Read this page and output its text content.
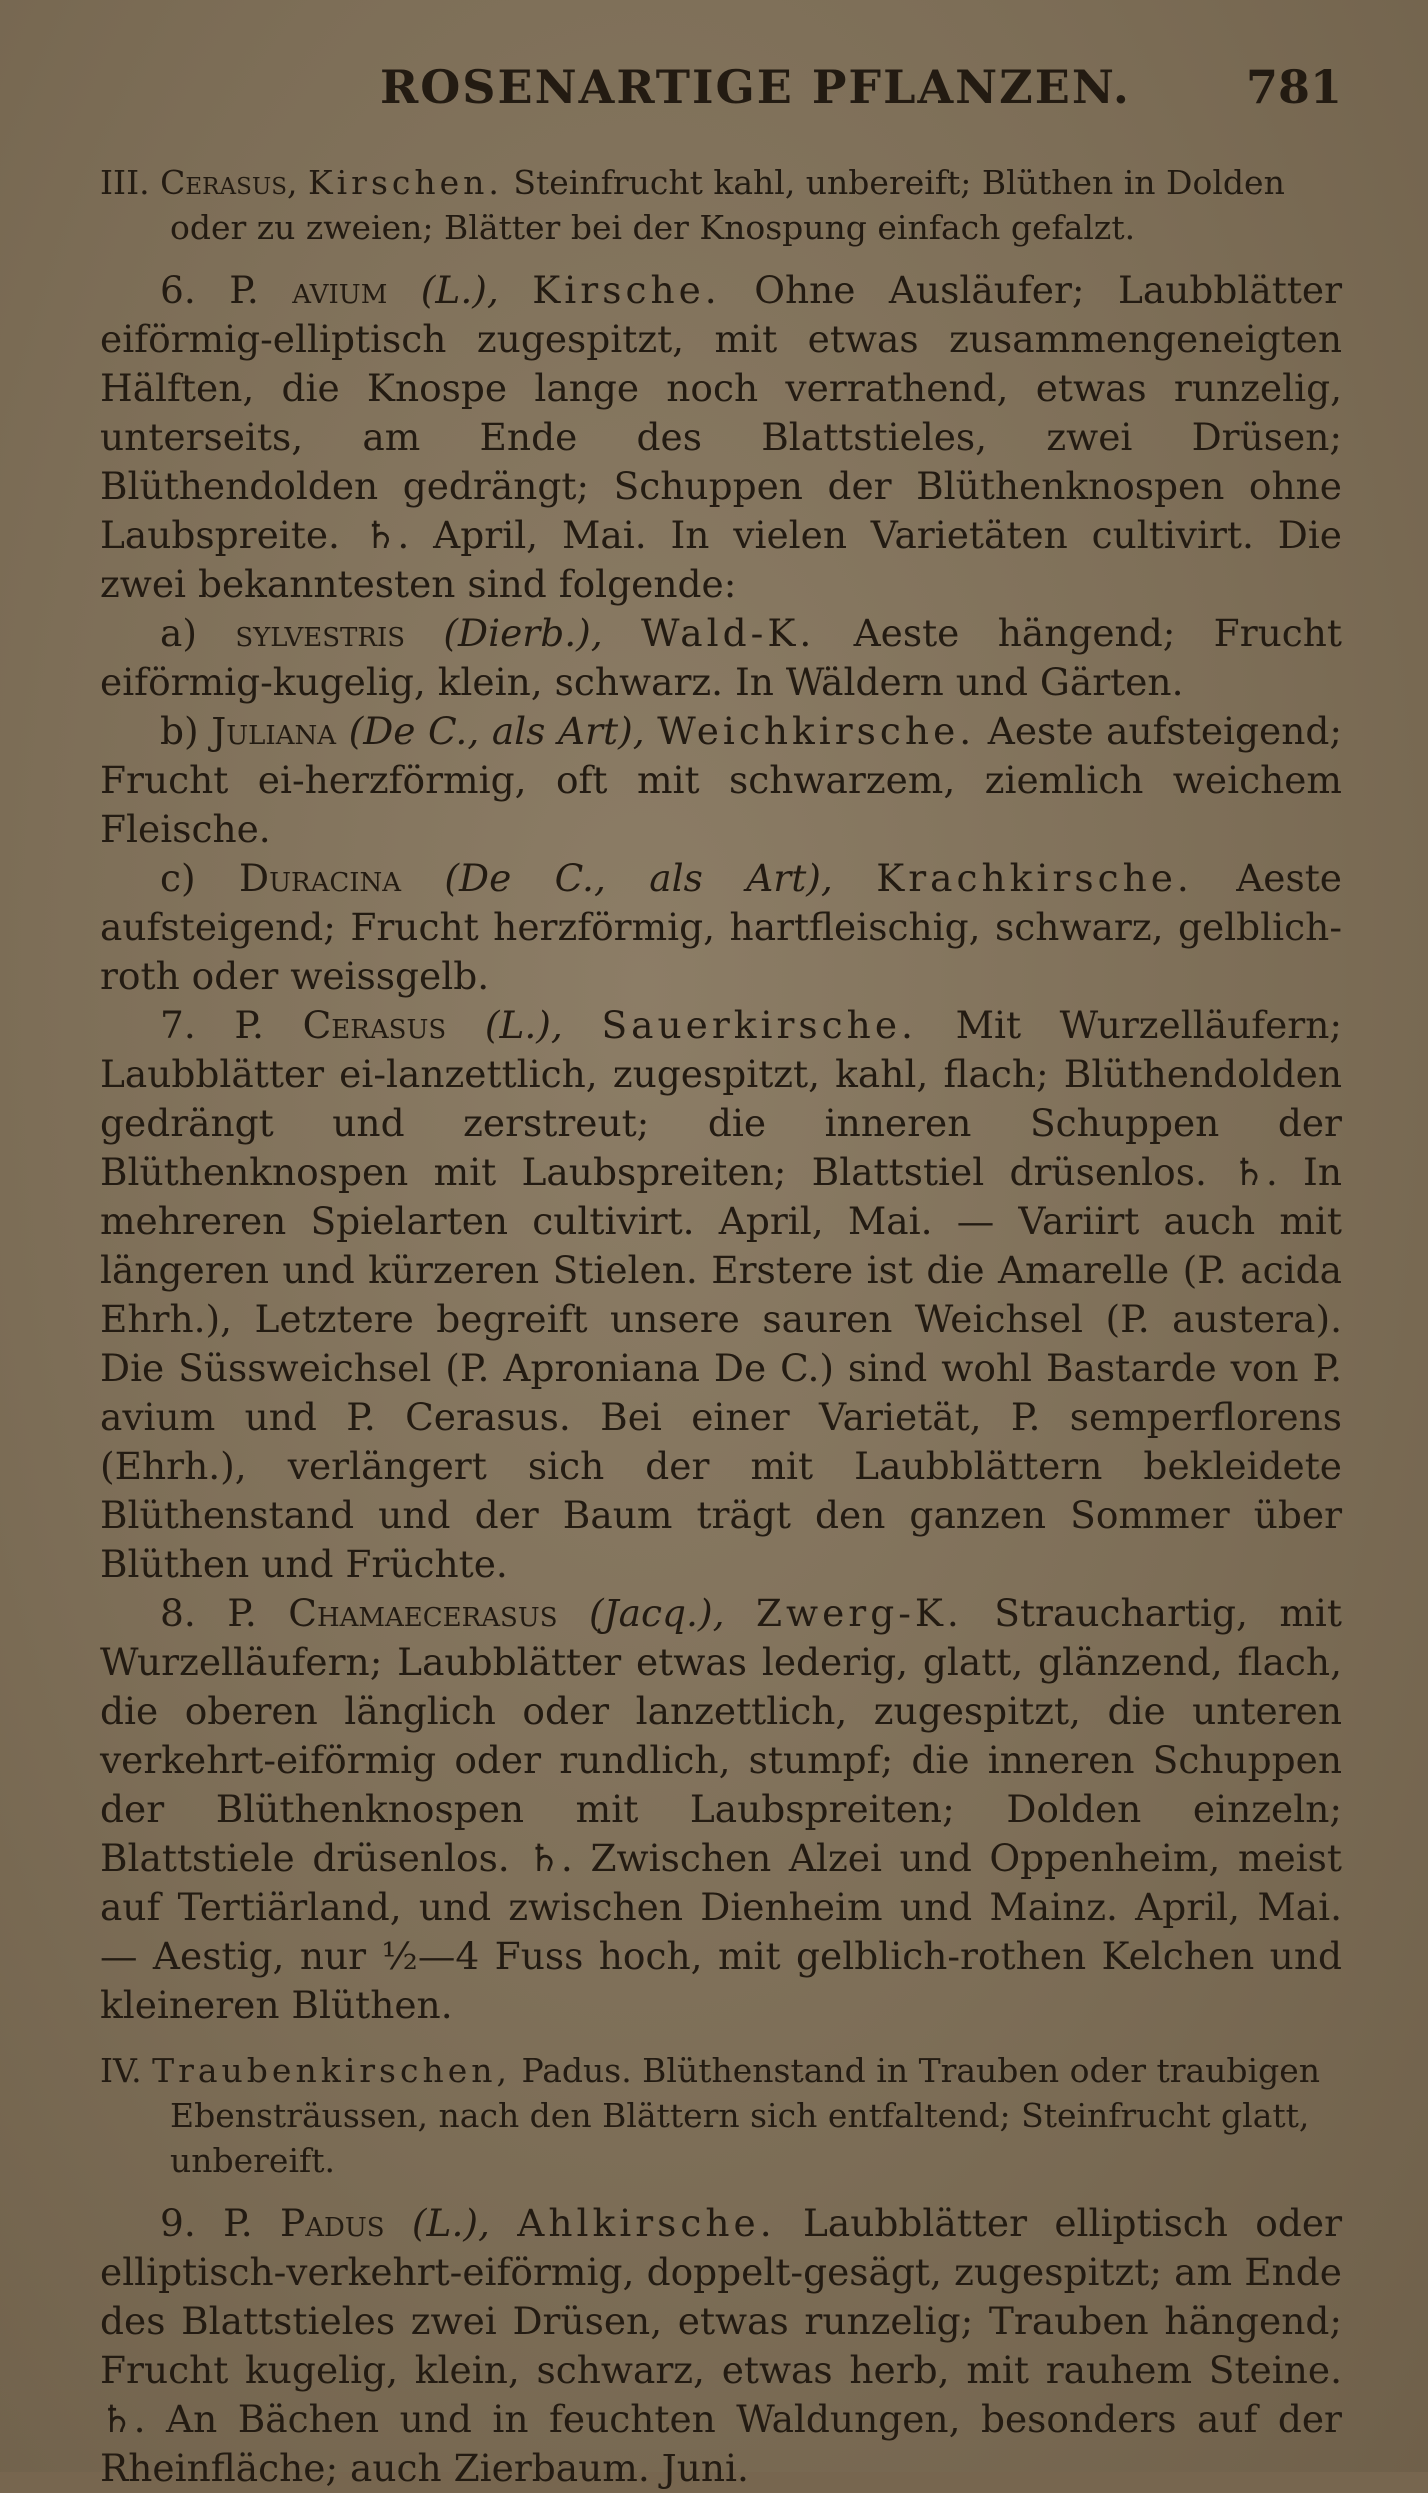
ROSENARTIGE PFLANZEN.	781

III. Cerasus, Kirschen. Steinfrucht kahl, unbereift; Blüthen in Dolden oder zu zweien; Blätter bei der Knospung einfach gefalzt.

6. P. avium (L.), Kirsche. Ohne Ausläufer; Laubblätter eiförmig-elliptisch zugespitzt, mit etwas zusammengeneigten Hälften, die Knospe lange noch verrathend, etwas runzelig, unterseits, am Ende des Blattstieles, zwei Drüsen; Blüthendolden gedrängt; Schuppen der Blüthenknospen ohne Laubspreite. ♄. April, Mai. In vielen Varietäten cultivirt. Die zwei bekanntesten sind folgende:

a) sylvestris (Dierb.), Wald-K. Aeste hängend; Frucht eiförmig-kugelig, klein, schwarz. In Wäldern und Gärten.

b) Juliana (De C., als Art), Weichkirsche. Aeste aufsteigend; Frucht ei-herzförmig, oft mit schwarzem, ziemlich weichem Fleische.

c) Duracina (De C., als Art), Krachkirsche. Aeste aufsteigend; Frucht herzförmig, hartfleischig, schwarz, gelblich-roth oder weissgelb.

7. P. Cerasus (L.), Sauerkirsche. Mit Wurzelläufern; Laubblätter ei-lanzettlich, zugespitzt, kahl, flach; Blüthendolden gedrängt und zerstreut; die inneren Schuppen der Blüthenknospen mit Laubspreiten; Blattstiel drüsenlos. ♄. In mehreren Spielarten cultivirt. April, Mai. — Variirt auch mit längeren und kürzeren Stielen. Erstere ist die Amarelle (P. acida Ehrh.), Letztere begreift unsere sauren Weichsel (P. austera). Die Süssweichsel (P. Aproniana De C.) sind wohl Bastarde von P. avium und P. Cerasus. Bei einer Varietät, P. semperflorens (Ehrh.), verlängert sich der mit Laubblättern bekleidete Blüthenstand und der Baum trägt den ganzen Sommer über Blüthen und Früchte.

8. P. Chamaecerasus (Jacq.), Zwerg-K. Strauchartig, mit Wurzelläufern; Laubblätter etwas lederig, glatt, glänzend, flach, die oberen länglich oder lanzettlich, zugespitzt, die unteren verkehrt-eiförmig oder rundlich, stumpf; die inneren Schuppen der Blüthenknospen mit Laubspreiten; Dolden einzeln; Blattstiele drüsenlos. ♄. Zwischen Alzei und Oppenheim, meist auf Tertiärland, und zwischen Dienheim und Mainz. April, Mai. — Aestig, nur ½—4 Fuss hoch, mit gelblich-rothen Kelchen und kleineren Blüthen.

IV. Traubenkirschen, Padus. Blüthenstand in Trauben oder traubigen Ebensträussen, nach den Blättern sich entfaltend; Steinfrucht glatt, unbereift.

9. P. Padus (L.), Ahlkirsche. Laubblätter elliptisch oder elliptisch-verkehrt-eiförmig, doppelt-gesägt, zugespitzt; am Ende des Blattstieles zwei Drüsen, etwas runzelig; Trauben hängend; Frucht kugelig, klein, schwarz, etwas herb, mit rauhem Steine. ♄. An Bächen und in feuchten Waldungen, besonders auf der Rheinfläche; auch Zierbaum. Juni.
